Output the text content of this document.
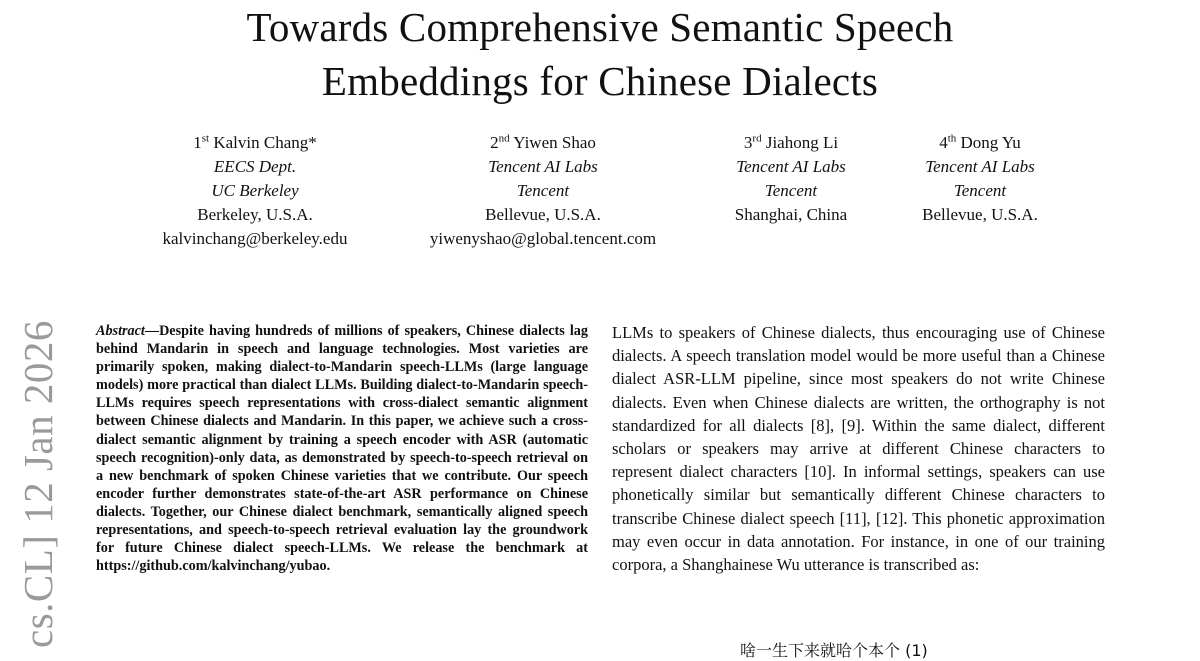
Towards Comprehensive Semantic Speech
Embeddings for Chinese Dialects
1st Kalvin Chang*
EECS Dept.
UC Berkeley
Berkeley, U.S.A.
kalvinchang@berkeley.edu
2nd Yiwen Shao
Tencent AI Labs
Tencent
Bellevue, U.S.A.
yiwenyshao@global.tencent.com
3rd Jiahong Li
Tencent AI Labs
Tencent
Shanghai, China
4th Dong Yu
Tencent AI Labs
Tencent
Bellevue, U.S.A.
cs.CL] 12 Jan 2026 Abstract—Despite having hundreds of millions of speakers, Chinese dialects lag behind Mandarin in speech and language technologies. Most varieties are primarily spoken, making dialect-to-Mandarin speech-LLMs (large language models) more practical than dialect LLMs. Building dialect-to-Mandarin speech-LLMs requires speech representations with cross-dialect semantic alignment between Chinese dialects and Mandarin. In this paper, we achieve such a cross-dialect semantic alignment by training a speech encoder with ASR (automatic speech recognition)-only data, as demonstrated by speech-to-speech retrieval on a new benchmark of spoken Chinese varieties that we contribute. Our speech encoder further demonstrates state-of-the-art ASR performance on Chinese dialects. Together, our Chinese dialect benchmark, semantically aligned speech representations, and speech-to-speech retrieval evaluation lay the groundwork for future Chinese dialect speech-LLMs. We release the benchmark at https://github.com/kalvinchang/yubao.
LLMs to speakers of Chinese dialects, thus encouraging use of Chinese dialects. A speech translation model would be more useful than a Chinese dialect ASR-LLM pipeline, since most speakers do not write Chinese dialects. Even when Chinese dialects are written, the orthography is not standardized for all dialects [8], [9]. Within the same dialect, different scholars or speakers may arrive at different Chinese characters to represent dialect characters [10]. In informal settings, speakers can use phonetically similar but semantically different Chinese characters to transcribe Chinese dialect speech [11], [12]. This phonetic approximation may even occur in data annotation. For instance, in one of our training corpora, a Shanghainese Wu utterance is transcribed as:
啥一生下来就哈个本个 (1)
